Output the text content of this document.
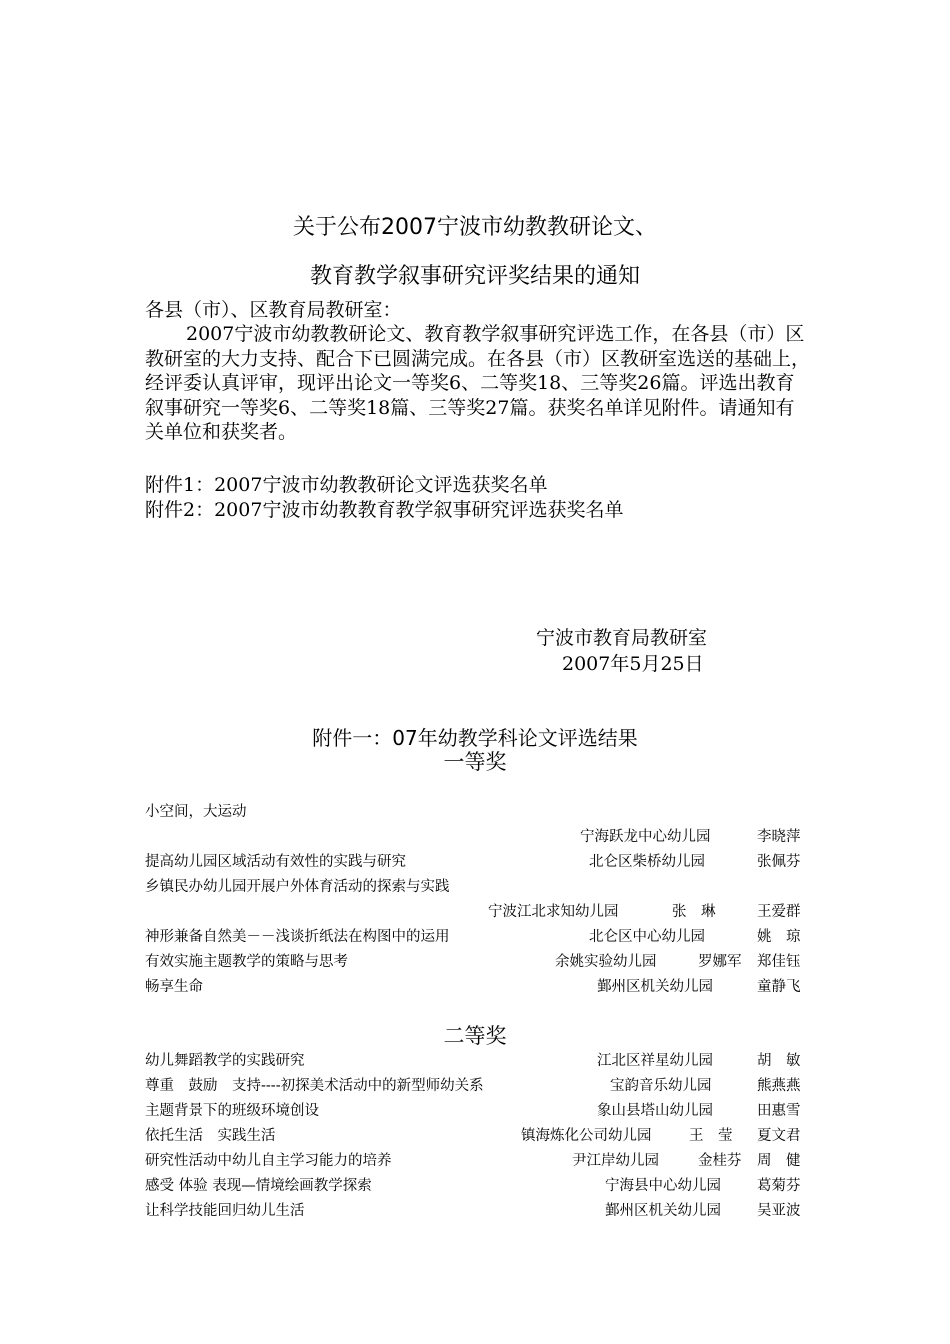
关于公布2007宁波市幼教教研论文、
教育教学叙事研究评奖结果的通知
各县（市）、区教育局教研室：
2007宁波市幼教教研论文、教育教学叙事研究评选工作，在各县（市）区教研室的大力支持、配合下已圆满完成。在各县（市）区教研室选送的基础上，经评委认真评审，现评出论文一等奖6、二等奖18、三等奖26篇。评选出教育叙事研究一等奖6、二等奖18篇、三等奖27篇。获奖名单详见附件。请通知有关单位和获奖者。
附件1：2007宁波市幼教教研论文评选获奖名单
附件2：2007宁波市幼教教育教学叙事研究评选获奖名单
宁波市教育局教研室
2007年5月25日
附件一：07年幼教学科论文评选结果
一等奖
小空间，大运动
宁海跃龙中心幼儿园	李晓萍
提高幼儿园区域活动有效性的实践与研究	北仑区柴桥幼儿园	张佩芬
乡镇民办幼儿园开展户外体育活动的探索与实践
宁波江北求知幼儿园	张　琳	王爱群
神形兼备自然美－－浅谈折纸法在构图中的运用	北仑区中心幼儿园	姚　琼
有效实施主题教学的策略与思考	余姚实验幼儿园	罗娜军 郑佳钰
畅享生命	鄞州区机关幼儿园	童静飞
二等奖
幼儿舞蹈教学的实践研究	江北区祥星幼儿园	胡　敏
尊重　鼓励　支持----初探美术活动中的新型师幼关系	宝韵音乐幼儿园	熊燕燕
主题背景下的班级环境创设	象山县塔山幼儿园	田惠雪
依托生活　实践生活	镇海炼化公司幼儿园	王　莹 夏文君
研究性活动中幼儿自主学习能力的培养	尹江岸幼儿园	金桂芬 周　健
感受 体验 表现—情境绘画教学探索	宁海县中心幼儿园 葛菊芬
让科学技能回归幼儿生活	鄞州区机关幼儿园 吴亚波
